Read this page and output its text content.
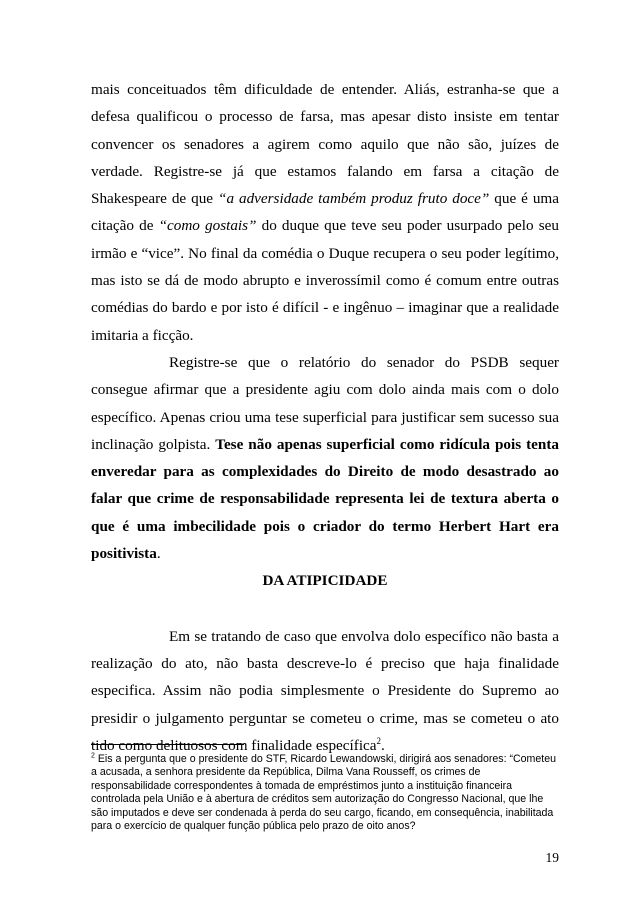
mais conceituados têm dificuldade de entender. Aliás, estranha-se que a defesa qualificou o processo de farsa, mas apesar disto insiste em tentar convencer os senadores a agirem como aquilo que não são, juízes de verdade. Registre-se já que estamos falando em farsa a citação de Shakespeare de que “a adversidade também produz fruto doce” que é uma citação de “como gostais” do duque que teve seu poder usurpado pelo seu irmão e “vice”. No final da comédia o Duque recupera o seu poder legítimo, mas isto se dá de modo abrupto e inverossímil como é comum entre outras comédias do bardo e por isto é difícil - e ingênuo – imaginar que a realidade imitaria a ficção.

Registre-se que o relatório do senador do PSDB sequer consegue afirmar que a presidente agiu com dolo ainda mais com o dolo específico. Apenas criou uma tese superficial para justificar sem sucesso sua inclinação golpista. Tese não apenas superficial como ridícula pois tenta enveredar para as complexidades do Direito de modo desastrado ao falar que crime de responsabilidade representa lei de textura aberta o que é uma imbecilidade pois o criador do termo Herbert Hart era positivista.

DA ATIPICIDADE

Em se tratando de caso que envolva dolo específico não basta a realização do ato, não basta descreve-lo é preciso que haja finalidade especifica. Assim não podia simplesmente o Presidente do Supremo ao presidir o julgamento perguntar se cometeu o crime, mas se cometeu o ato tido como delituosos com finalidade específica$^2$.

$^2$ Eis a pergunta que o presidente do STF, Ricardo Lewandowski, dirigirá aos senadores: “Cometeu a acusada, a senhora presidente da República, Dilma Vana Rousseff, os crimes de responsabilidade correspondentes à tomada de empréstimos junto a instituição financeira controlada pela União e à abertura de créditos sem autorização do Congresso Nacional, que lhe são imputados e deve ser condenada à perda do seu cargo, ficando, em consequência, inabilitada para o exercício de qualquer função pública pelo prazo de oito anos?
19
